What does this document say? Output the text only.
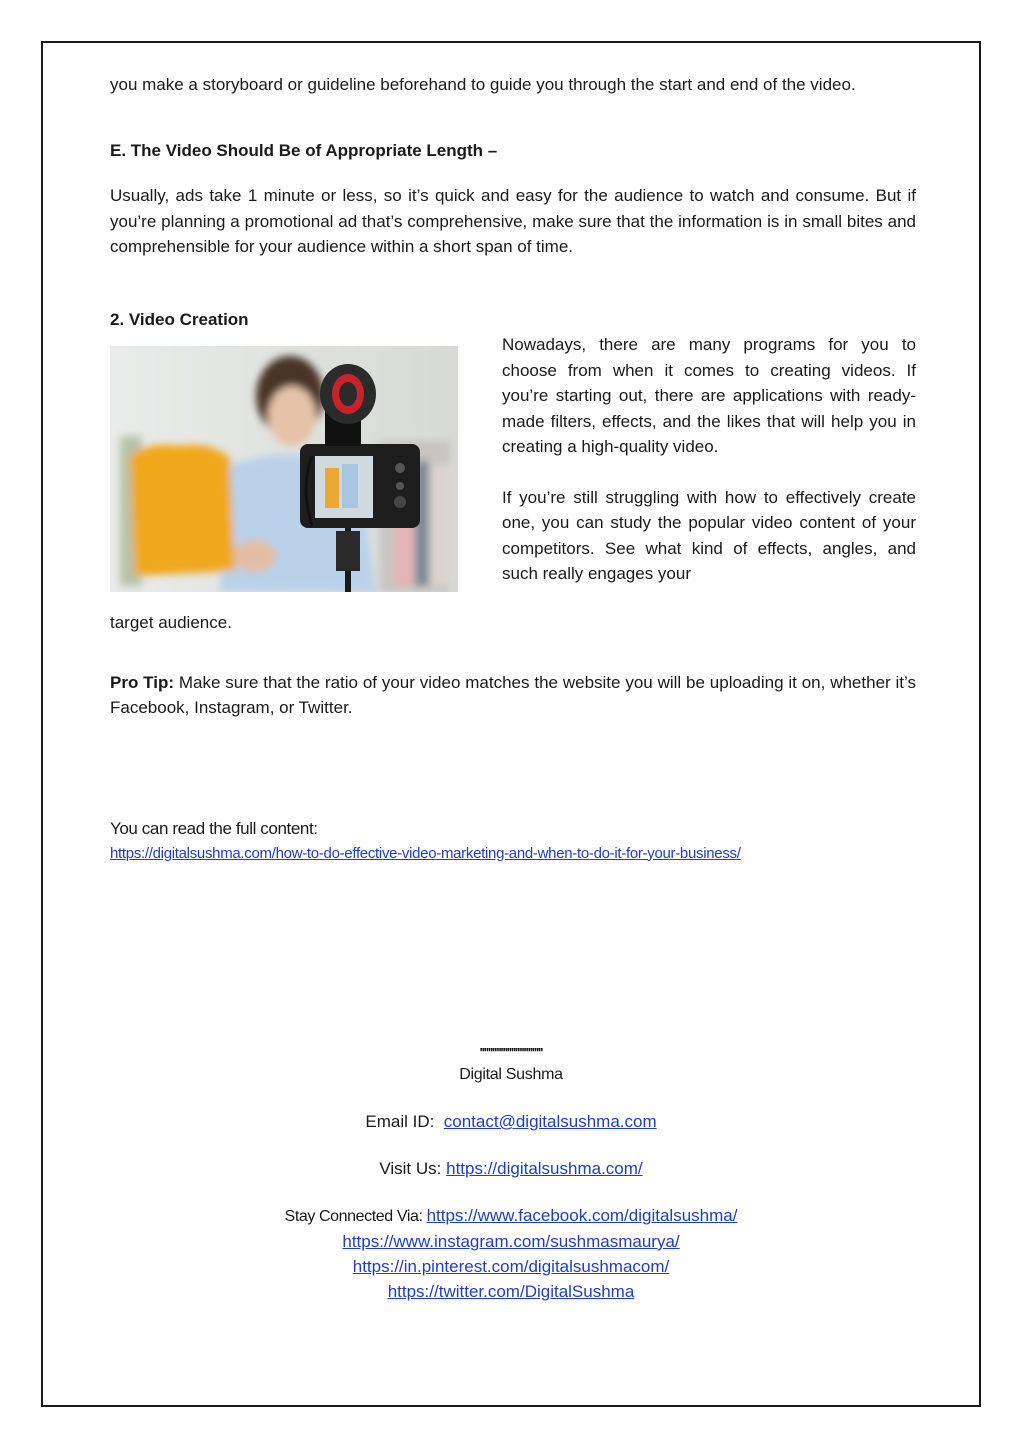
you make a storyboard or guideline beforehand to guide you through the start and end of the video.

E. The Video Should Be of Appropriate Length –

Usually, ads take 1 minute or less, so it’s quick and easy for the audience to watch and consume. But if you’re planning a promotional ad that’s comprehensive, make sure that the information is in small bites and comprehensible for your audience within a short span of time.

2. Video Creation

Nowadays, there are many programs for you to choose from when it comes to creating videos. If you’re starting out, there are applications with ready-made filters, effects, and the likes that will help you in creating a high-quality video.

If you’re still struggling with how to effectively create one, you can study the popular video content of your competitors. See what kind of effects, angles, and such really engages your

target audience.

Pro Tip: Make sure that the ratio of your video matches the website you will be uploading it on, whether it’s Facebook, Instagram, or Twitter.

You can read the full content:
https://digitalsushma.com/how-to-do-effective-video-marketing-and-when-to-do-it-for-your-business/
''''''''''''''''''''''''''''''
Digital Sushma
Email ID:  contact@digitalsushma.com
Visit Us: https://digitalsushma.com/
Stay Connected Via: https://www.facebook.com/digitalsushma/
https://www.instagram.com/sushmasmaurya/
https://in.pinterest.com/digitalsushmacom/
https://twitter.com/DigitalSushma
